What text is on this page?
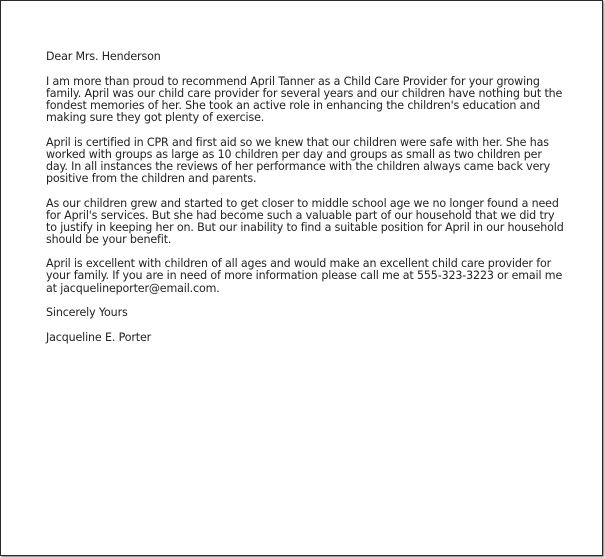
Dear Mrs. Henderson

I am more than proud to recommend April Tanner as a Child Care Provider for your growing family. April was our child care provider for several years and our children have nothing but the fondest memories of her. She took an active role in enhancing the children's education and making sure they got plenty of exercise.

April is certified in CPR and first aid so we knew that our children were safe with her. She has worked with groups as large as 10 children per day and groups as small as two children per day. In all instances the reviews of her performance with the children always came back very positive from the children and parents.

As our children grew and started to get closer to middle school age we no longer found a need for April's services. But she had become such a valuable part of our household that we did try to justify in keeping her on. But our inability to find a suitable position for April in our household should be your benefit.

April is excellent with children of all ages and would make an excellent child care provider for your family. If you are in need of more information please call me at 555-323-3223 or email me at jacquelineporter@email.com.

Sincerely Yours

Jacqueline E. Porter
